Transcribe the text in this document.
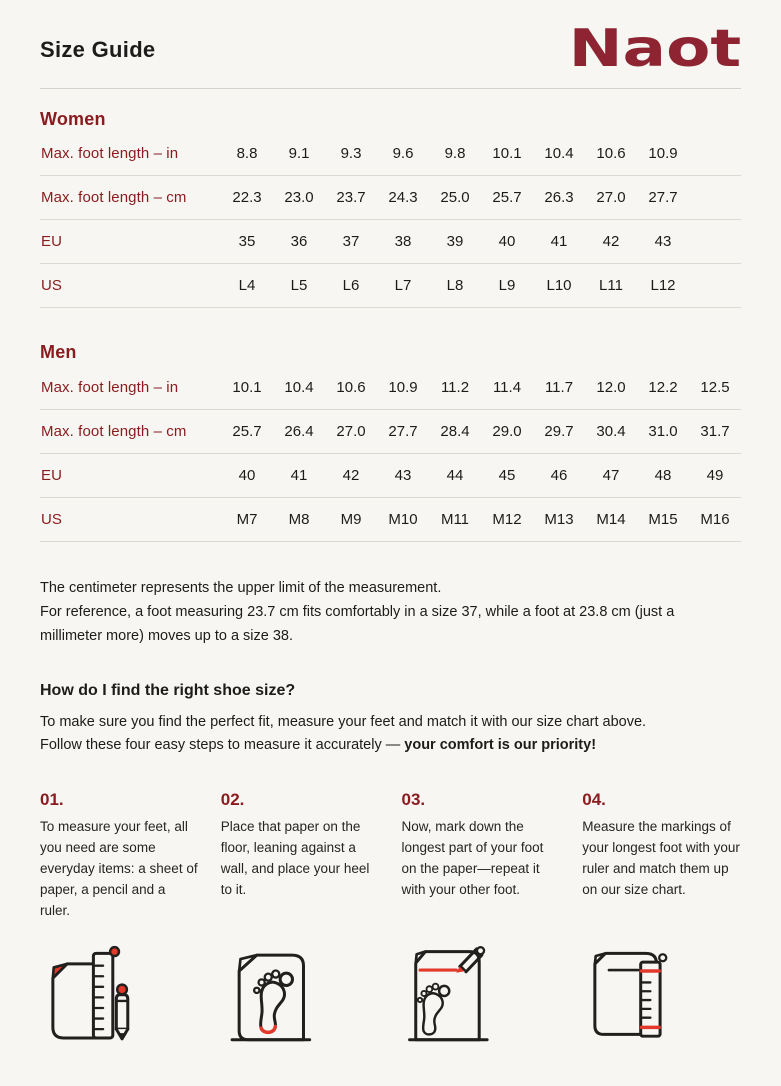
Size Guide	Naot
Women
Max. foot length – in	8.8	9.1	9.3	9.6	9.8	10.1	10.4	10.6	10.9	
Max. foot length – cm	22.3	23.0	23.7	24.3	25.0	25.7	26.3	27.0	27.7	
EU	35	36	37	38	39	40	41	42	43	
US	L4	L5	L6	L7	L8	L9	L10	L11	L12	
Men
Max. foot length – in	10.1	10.4	10.6	10.9	11.2	11.4	11.7	12.0	12.2	12.5
Max. foot length – cm	25.7	26.4	27.0	27.7	28.4	29.0	29.7	30.4	31.0	31.7
EU	40	41	42	43	44	45	46	47	48	49
US	M7	M8	M9	M10	M11	M12	M13	M14	M15	M16

The centimeter represents the upper limit of the measurement.
For reference, a foot measuring 23.7 cm fits comfortably in a size 37, while a foot at 23.8 cm (just a millimeter more) moves up to a size 38.

How do I find the right shoe size?

To make sure you find the perfect fit, measure your feet and match it with our size chart above. Follow these four easy steps to measure it accurately — your comfort is our priority!

01.

To measure your feet, all you need are some everyday items: a sheet of paper, a pencil and a ruler.

02.

Place that paper on the floor, leaning against a wall, and place your heel to it.

03.

Now, mark down the longest part of your foot on the paper—repeat it with your other foot.

04.

Measure the markings of your longest foot with your ruler and match them up on our size chart.
